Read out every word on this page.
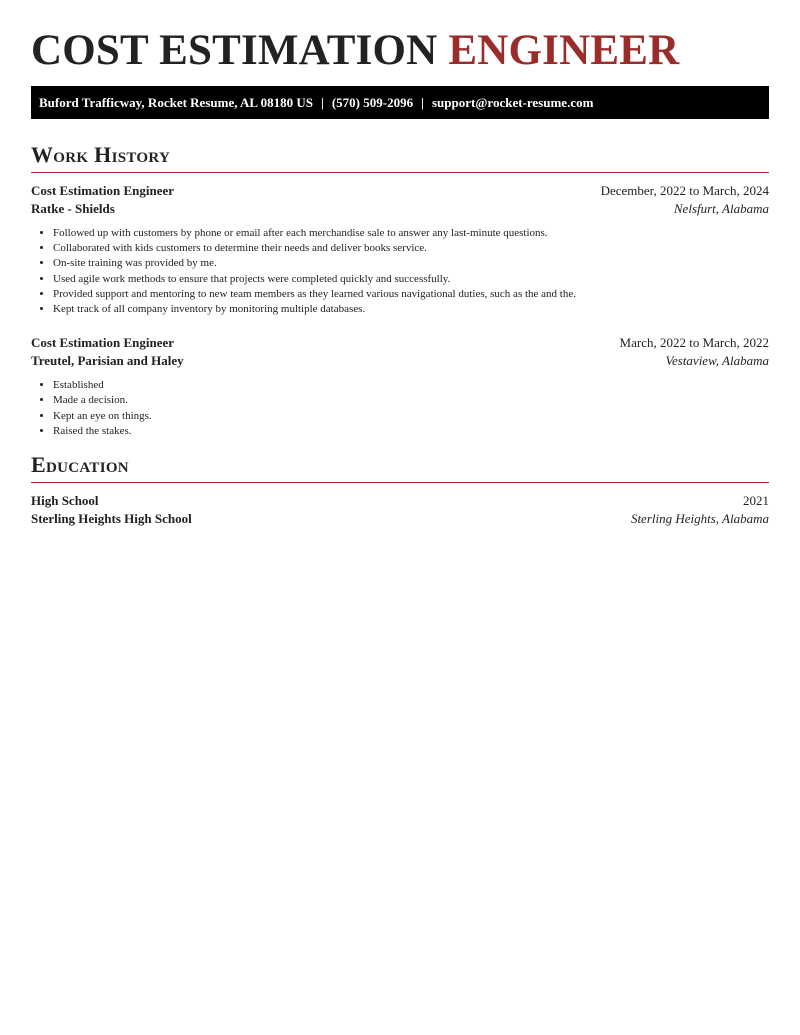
COST ESTIMATION ENGINEER
Buford Trafficway, Rocket Resume, AL 08180 US | (570) 509-2096 | support@rocket-resume.com
Work History
Cost Estimation Engineer	December, 2022 to March, 2024
Ratke - Shields	Nelsfurt, Alabama
• Followed up with customers by phone or email after each merchandise sale to answer any last-minute questions.
• Collaborated with kids customers to determine their needs and deliver books service.
• On-site training was provided by me.
• Used agile work methods to ensure that projects were completed quickly and successfully.
• Provided support and mentoring to new team members as they learned various navigational duties, such as the and the.
• Kept track of all company inventory by monitoring multiple databases.
Cost Estimation Engineer	March, 2022 to March, 2022
Treutel, Parisian and Haley	Vestaview, Alabama
• Established
• Made a decision.
• Kept an eye on things.
• Raised the stakes.
Education
High School	2021
Sterling Heights High School	Sterling Heights, Alabama
